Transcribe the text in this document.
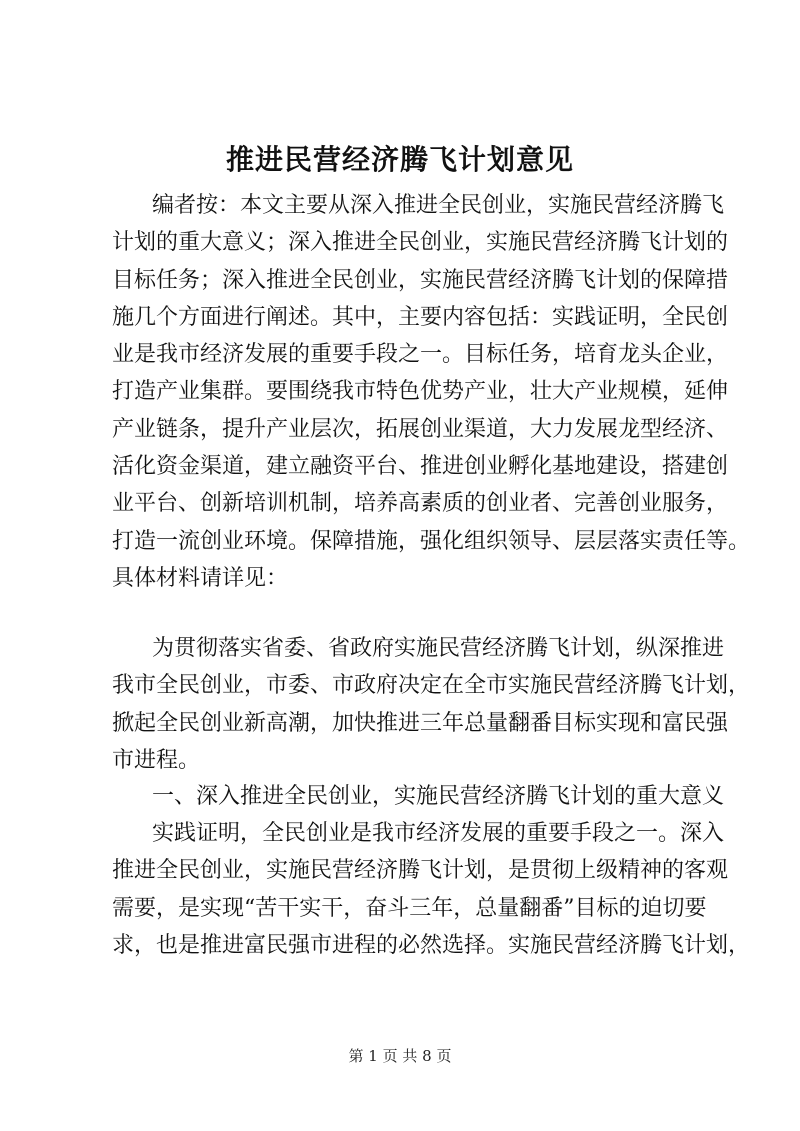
推进民营经济腾飞计划意见
编者按：本文主要从深入推进全民创业，实施民营经济腾飞
计划的重大意义；深入推进全民创业，实施民营经济腾飞计划的
目标任务；深入推进全民创业，实施民营经济腾飞计划的保障措
施几个方面进行阐述。其中，主要内容包括：实践证明，全民创
业是我市经济发展的重要手段之一。目标任务，培育龙头企业，
打造产业集群。要围绕我市特色优势产业，壮大产业规模，延伸
产业链条，提升产业层次，拓展创业渠道，大力发展龙型经济、
活化资金渠道，建立融资平台、推进创业孵化基地建设，搭建创
业平台、创新培训机制，培养高素质的创业者、完善创业服务，
打造一流创业环境。保障措施，强化组织领导、层层落实责任等。
具体材料请详见：
为贯彻落实省委、省政府实施民营经济腾飞计划，纵深推进
我市全民创业，市委、市政府决定在全市实施民营经济腾飞计划，
掀起全民创业新高潮，加快推进三年总量翻番目标实现和富民强
市进程。
一、深入推进全民创业，实施民营经济腾飞计划的重大意义
实践证明，全民创业是我市经济发展的重要手段之一。深入
推进全民创业，实施民营经济腾飞计划，是贯彻上级精神的客观
需要，是实现“苦干实干，奋斗三年，总量翻番”目标的迫切要
求，也是推进富民强市进程的必然选择。实施民营经济腾飞计划，
第 1 页 共 8 页
